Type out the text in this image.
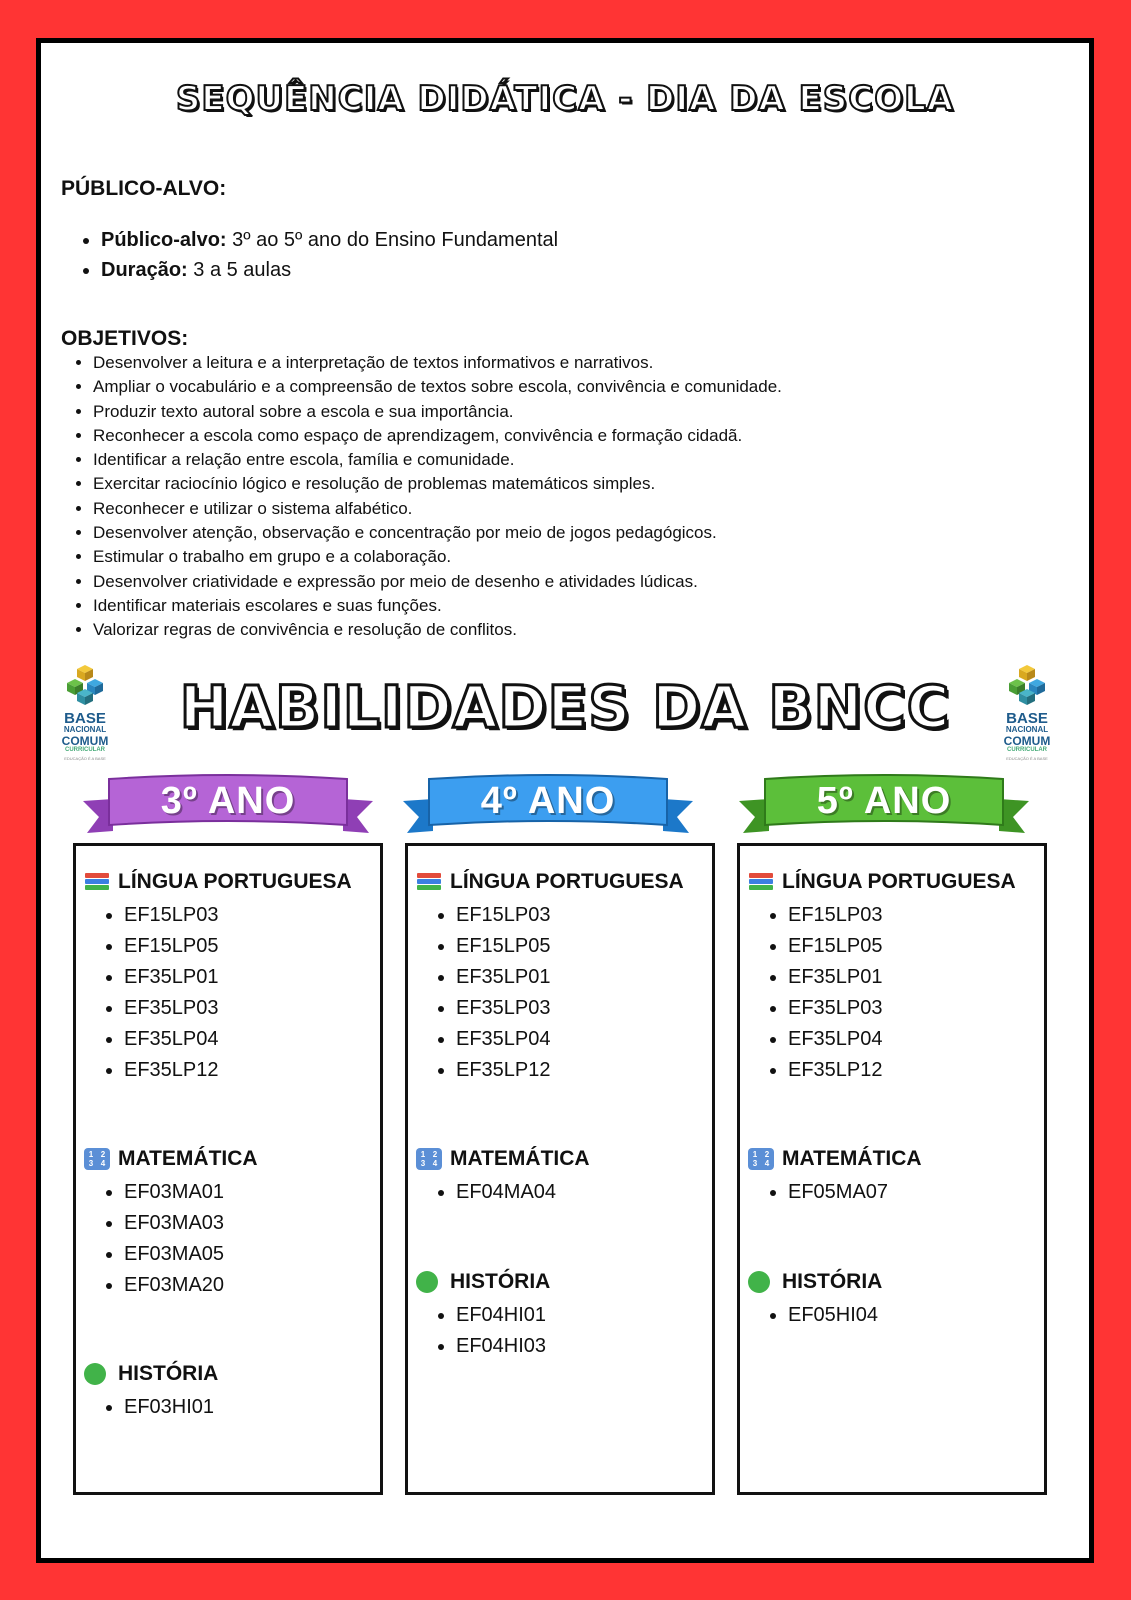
SEQUÊNCIA DIDÁTICA - DIA DA ESCOLA
PÚBLICO-ALVO:
• Público-alvo: 3º ao 5º ano do Ensino Fundamental
• Duração: 3 a 5 aulas
OBJETIVOS:
• Desenvolver a leitura e a interpretação de textos informativos e narrativos.
• Ampliar o vocabulário e a compreensão de textos sobre escola, convivência e comunidade.
• Produzir texto autoral sobre a escola e sua importância.
• Reconhecer a escola como espaço de aprendizagem, convivência e formação cidadã.
• Identificar a relação entre escola, família e comunidade.
• Exercitar raciocínio lógico e resolução de problemas matemáticos simples.
• Reconhecer e utilizar o sistema alfabético.
• Desenvolver atenção, observação e concentração por meio de jogos pedagógicos.
• Estimular o trabalho em grupo e a colaboração.
• Desenvolver criatividade e expressão por meio de desenho e atividades lúdicas.
• Identificar materiais escolares e suas funções.
• Valorizar regras de convivência e resolução de conflitos.
BASE
NACIONAL
COMUM
CURRICULAR
EDUCAÇÃO É A BASE
BASE
NACIONAL
COMUM
CURRICULAR
EDUCAÇÃO É A BASE
HABILIDADES DA BNCC
3º ANO	4º ANO	5º ANO
LÍNGUA PORTUGUESA
• EF15LP03
• EF15LP05
• EF35LP01
• EF35LP03
• EF35LP04
• EF35LP12
1 2
3 4 MATEMÁTICA
• EF03MA01
• EF03MA03
• EF03MA05
• EF03MA20
HISTÓRIA
• EF03HI01
LÍNGUA PORTUGUESA
• EF15LP03
• EF15LP05
• EF35LP01
• EF35LP03
• EF35LP04
• EF35LP12
1 2
3 4 MATEMÁTICA
• EF04MA04
HISTÓRIA
• EF04HI01
• EF04HI03
LÍNGUA PORTUGUESA
• EF15LP03
• EF15LP05
• EF35LP01
• EF35LP03
• EF35LP04
• EF35LP12
1 2
3 4 MATEMÁTICA
• EF05MA07
HISTÓRIA
• EF05HI04
